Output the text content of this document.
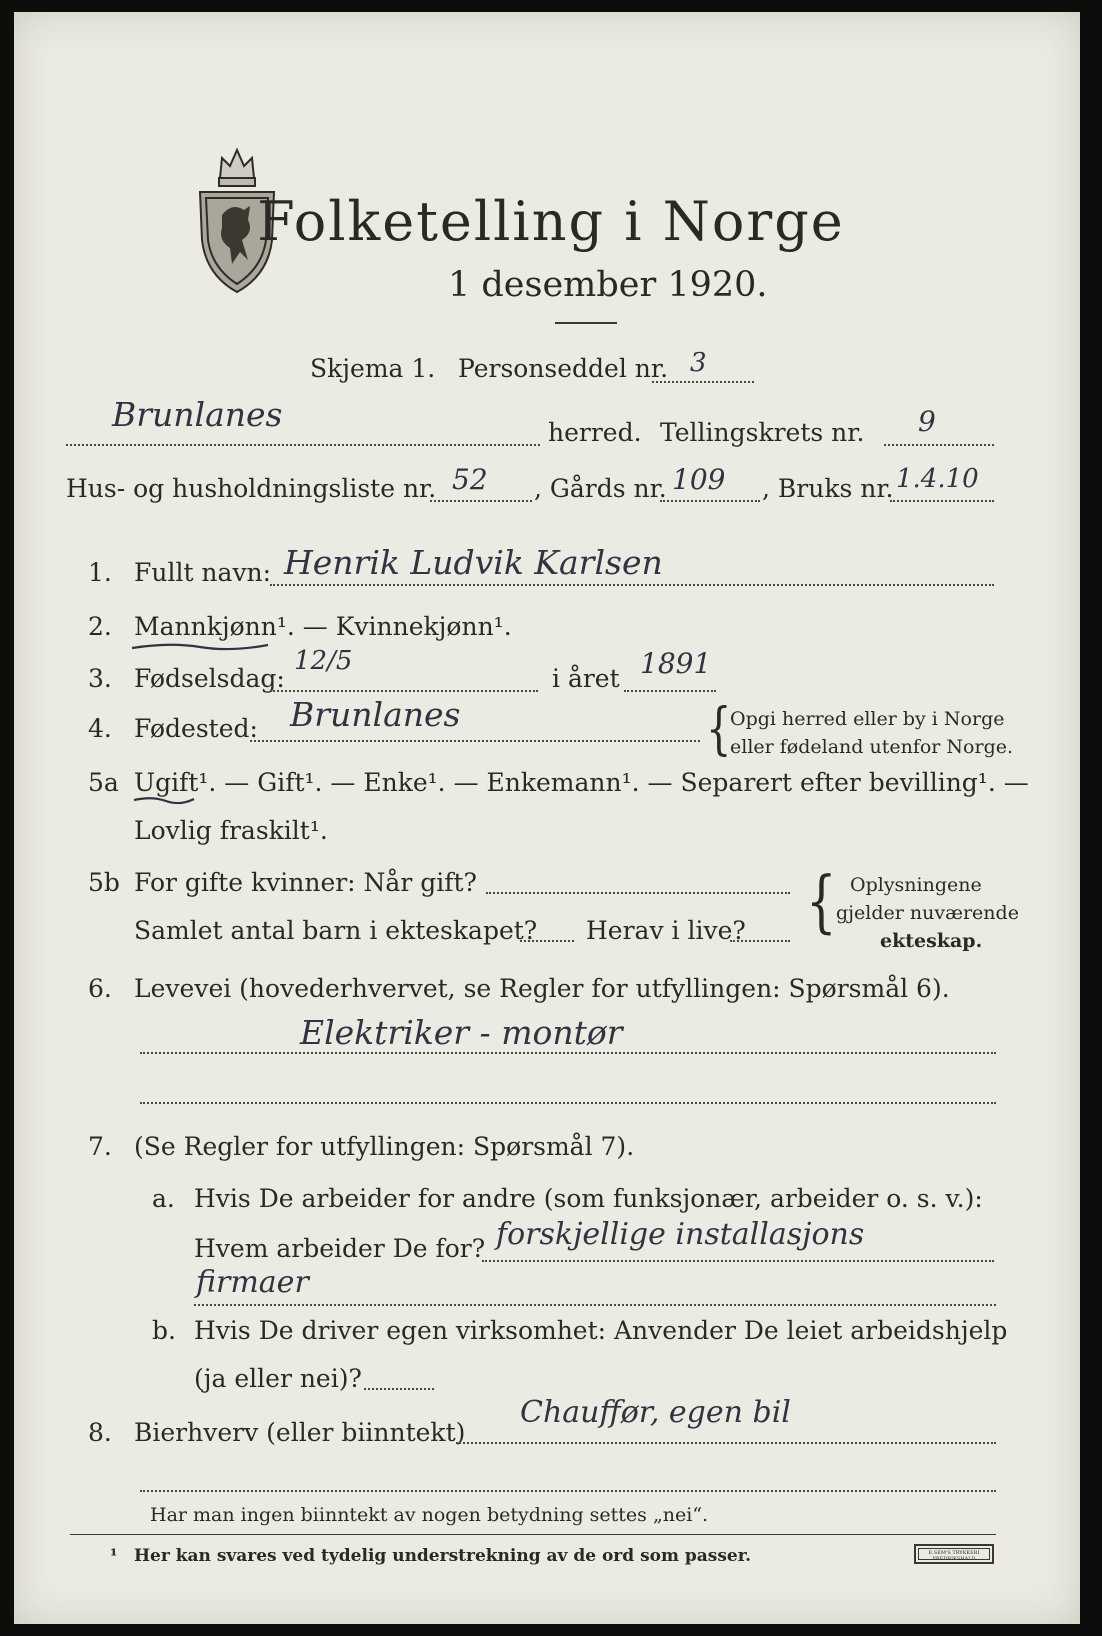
Folketelling i Norge
1 desember 1920.
Skjema 1. Personseddel nr. 3
Brunlanes	herred. Tellingskrets nr. 9
Hus- og husholdningsliste nr. 52 , Gårds nr. 109 , Bruks nr. 1.4.10
1. Fullt navn: Henrik Ludvik Karlsen
2. Mannkjønn¹. — Kvinnekjønn¹.
3. Fødselsdag:
12/5
i året 1891
4. Fødested: Brunlanes	{
Opgi herred eller by i Norge
eller fødeland utenfor Norge.
5a Ugift¹. — Gift¹. — Enke¹. — Enkemann¹. — Separert efter bevilling¹. —
Lovlig fraskilt¹.
5b For gifte kvinner: Når gift?
Samlet antal barn i ekteskapet? Herav i live? { Oplysningene
gjelder nuværende
ekteskap.
6. Levevei (hovederhvervet, se Regler for utfyllingen: Spørsmål 6).
Elektriker - montør
7. (Se Regler for utfyllingen: Spørsmål 7).
a. Hvis De arbeider for andre (som funksjonær, arbeider o. s. v.):
Hvem arbeider De for? forskjellige installasjons
firmaer
b. Hvis De driver egen virksomhet: Anvender De leiet arbeidshjelp
(ja eller nei)?
8. Bierhverv (eller biinntekt)
Chauffør, egen bil
Har man ingen biinntekt av nogen betydning settes „nei“.
¹ Her kan svares ved tydelig understrekning av de ord som passer.	E.SEM'S TRYKKERI FREDRIKSHALD
